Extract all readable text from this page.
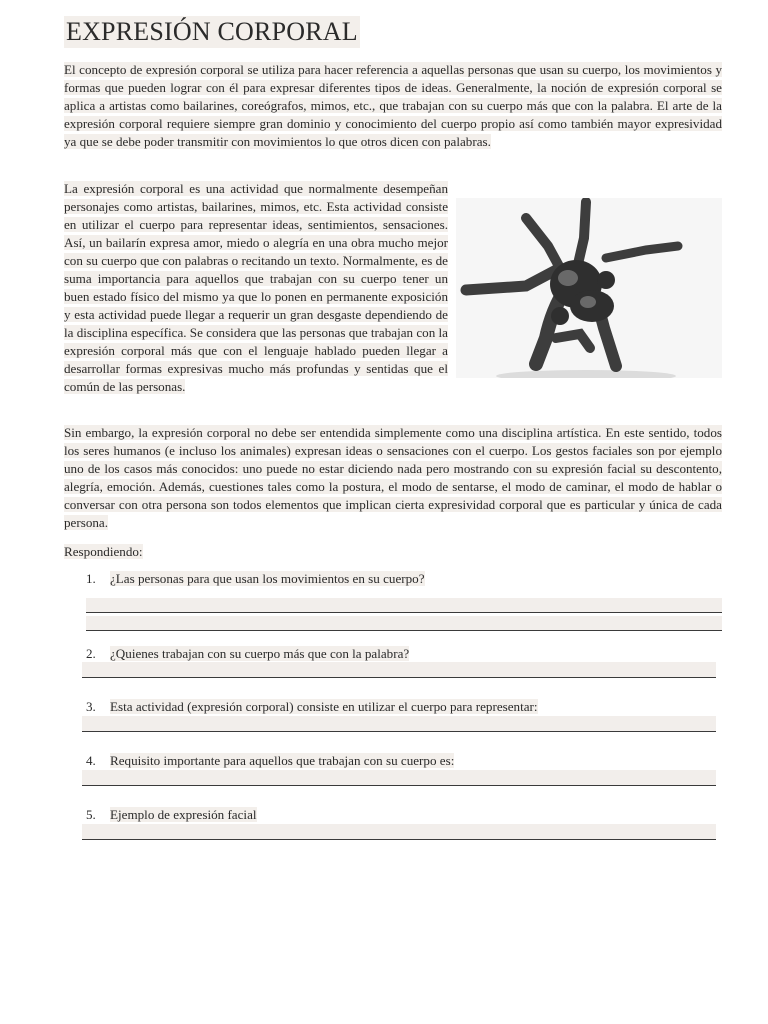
EXPRESIÓN CORPORAL

El concepto de expresión corporal se utiliza para hacer referencia a aquellas personas que usan su cuerpo, los movimientos y formas que pueden lograr con él para expresar diferentes tipos de ideas. Generalmente, la noción de expresión corporal se aplica a artistas como bailarines, coreógrafos, mimos, etc., que trabajan con su cuerpo más que con la palabra. El arte de la expresión corporal requiere siempre gran dominio y conocimiento del cuerpo propio así como también mayor expresividad ya que se debe poder transmitir con movimientos lo que otros dicen con palabras.

La expresión corporal es una actividad que normalmente desempeñan personajes como artistas, bailarines, mimos, etc. Esta actividad consiste en utilizar el cuerpo para representar ideas, sentimientos, sensaciones. Así, un bailarín expresa amor, miedo o alegría en una obra mucho mejor con su cuerpo que con palabras o recitando un texto. Normalmente, es de suma importancia para aquellos que trabajan con su cuerpo tener un buen estado físico del mismo ya que lo ponen en permanente exposición y esta actividad puede llegar a requerir un gran desgaste dependiendo de la disciplina específica. Se considera que las personas que trabajan con la expresión corporal más que con el lenguaje hablado pueden llegar a desarrollar formas expresivas mucho más profundas y sentidas que el común de las personas.

Sin embargo, la expresión corporal no debe ser entendida simplemente como una disciplina artística. En este sentido, todos los seres humanos (e incluso los animales) expresan ideas o sensaciones con el cuerpo. Los gestos faciales son por ejemplo uno de los casos más conocidos: uno puede no estar diciendo nada pero mostrando con su expresión facial su descontento, alegría, emoción. Además, cuestiones tales como la postura, el modo de sentarse, el modo de caminar, el modo de hablar o conversar con otra persona son todos elementos que implican cierta expresividad corporal que es particular y única de cada persona.

Respondiendo:
1. ¿Las personas para que usan los movimientos en su cuerpo?
2. ¿Quienes trabajan con su cuerpo más que con la palabra?
3. Esta actividad (expresión corporal) consiste en utilizar el cuerpo para representar:
4. Requisito importante para aquellos que trabajan con su cuerpo es:
5. Ejemplo de expresión facial
